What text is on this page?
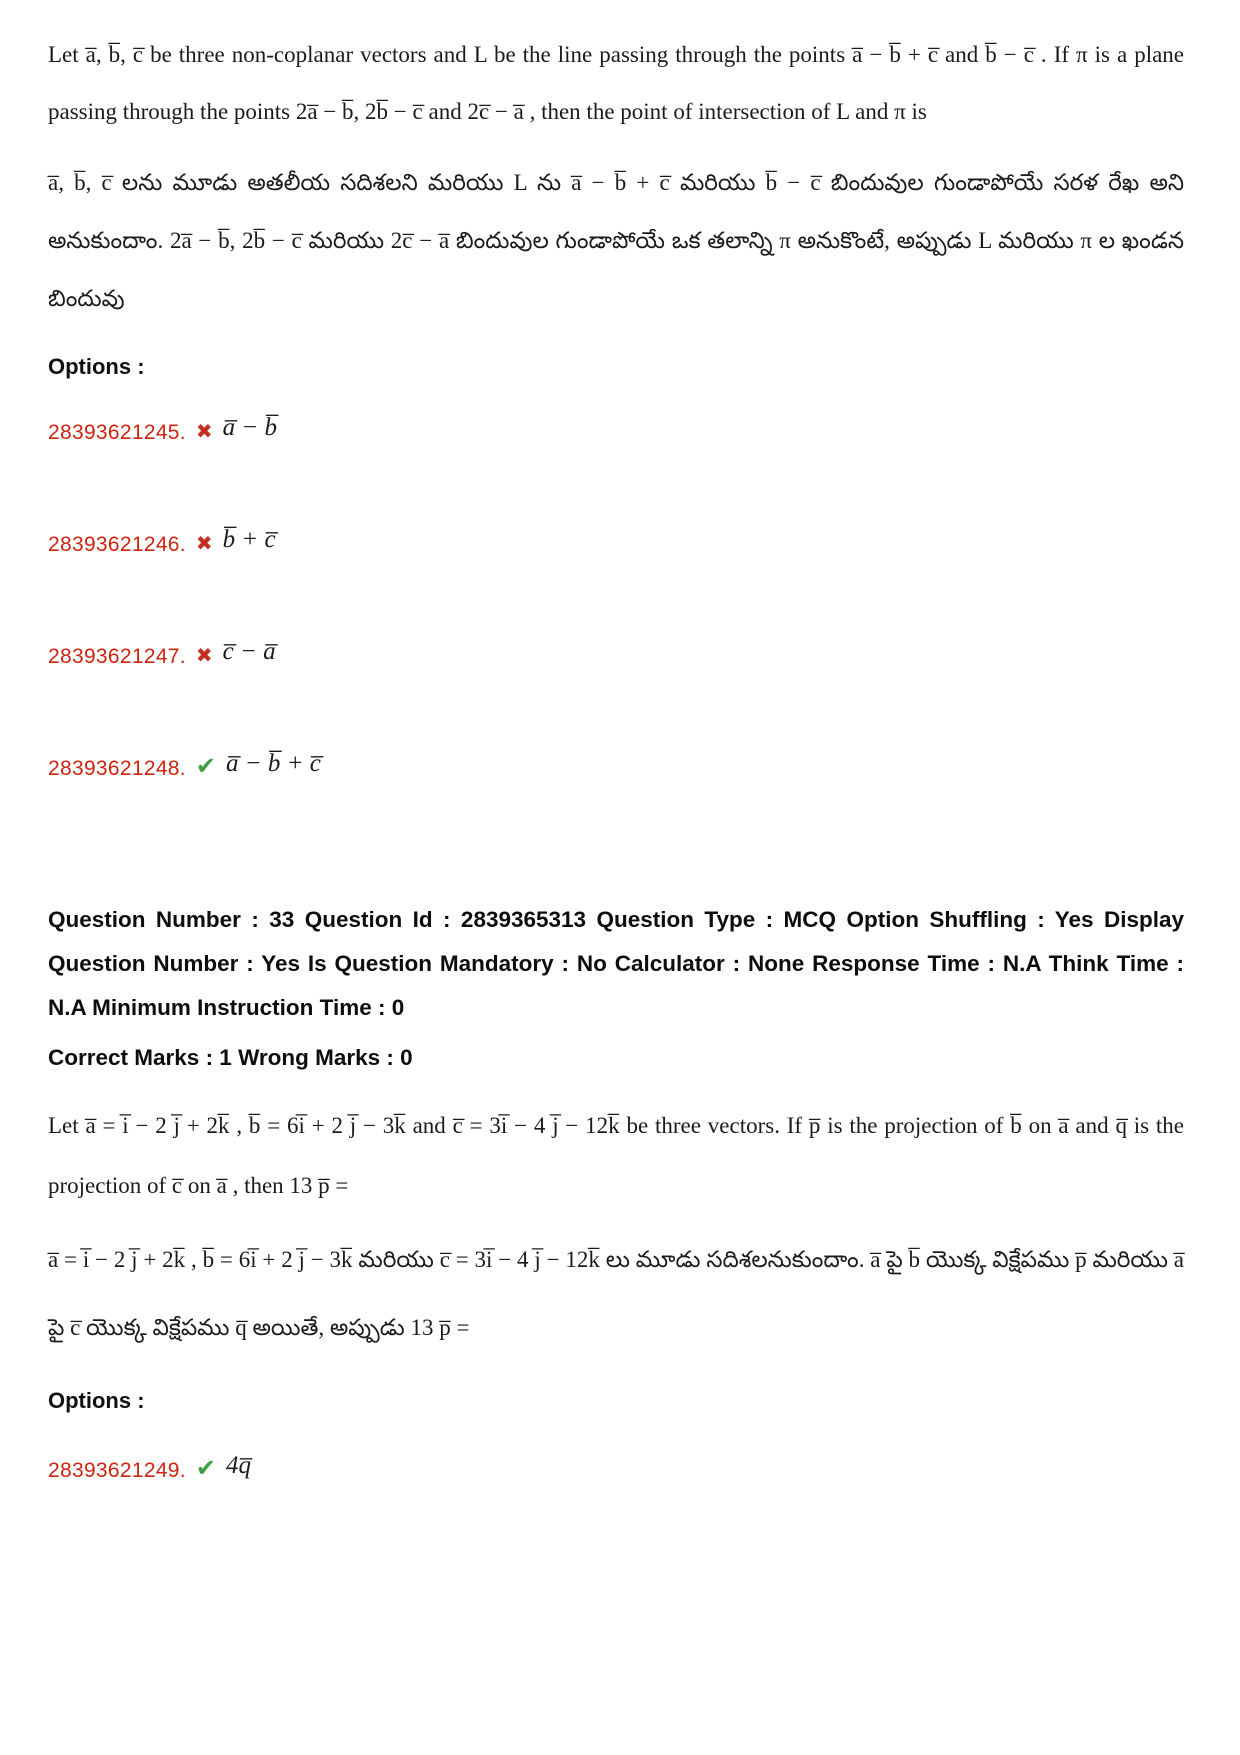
Let a̅, b̅, c̅ be three non-coplanar vectors and L be the line passing through the points a̅ − b̅ + c̅ and b̅ − c̅ . If π is a plane passing through the points 2a̅ − b̅, 2b̅ − c̅ and 2c̅ − a̅ , then the point of intersection of L and π is

a̅, b̅, c̅ లను మూడు అతలీయ సదిశలని మరియు L ను a̅ − b̅ + c̅ మరియు b̅ − c̅ బిందువుల గుండాపోయే సరళ రేఖ అని అనుకుందాం. 2a̅ − b̅, 2b̅ − c̅ మరియు 2c̅ − a̅ బిందువుల గుండాపోయే ఒక తలాన్ని π అనుకొంటే, అప్పుడు L మరియు π ల ఖండన బిందువు

Options :

28393621245. ✖ a̅ − b̅
28393621246. ✖ b̅ + c̅
28393621247. ✖ c̅ − a̅
28393621248. ✔ a̅ − b̅ + c̅

Question Number : 33 Question Id : 2839365313 Question Type : MCQ Option Shuffling : Yes Display Question Number : Yes Is Question Mandatory : No Calculator : None Response Time : N.A Think Time : N.A Minimum Instruction Time : 0

Correct Marks : 1 Wrong Marks : 0

Let a̅ = i̅ − 2 j̅ + 2k̅ , b̅ = 6i̅ + 2 j̅ − 3k̅ and c̅ = 3i̅ − 4 j̅ − 12k̅ be three vectors. If p̅ is the projection of b̅ on a̅ and q̅ is the projection of c̅ on a̅ , then 13 p̅ =

a̅ = i̅ − 2 j̅ + 2k̅ , b̅ = 6i̅ + 2 j̅ − 3k̅ మరియు c̅ = 3i̅ − 4 j̅ − 12k̅ లు మూడు సదిశలనుకుందాం. a̅ పై b̅ యొక్క విక్షేపము p̅ మరియు a̅ పై c̅ యొక్క విక్షేపము q̅ అయితే, అప్పుడు 13 p̅ =

Options :

28393621249. ✔ 4q̅
